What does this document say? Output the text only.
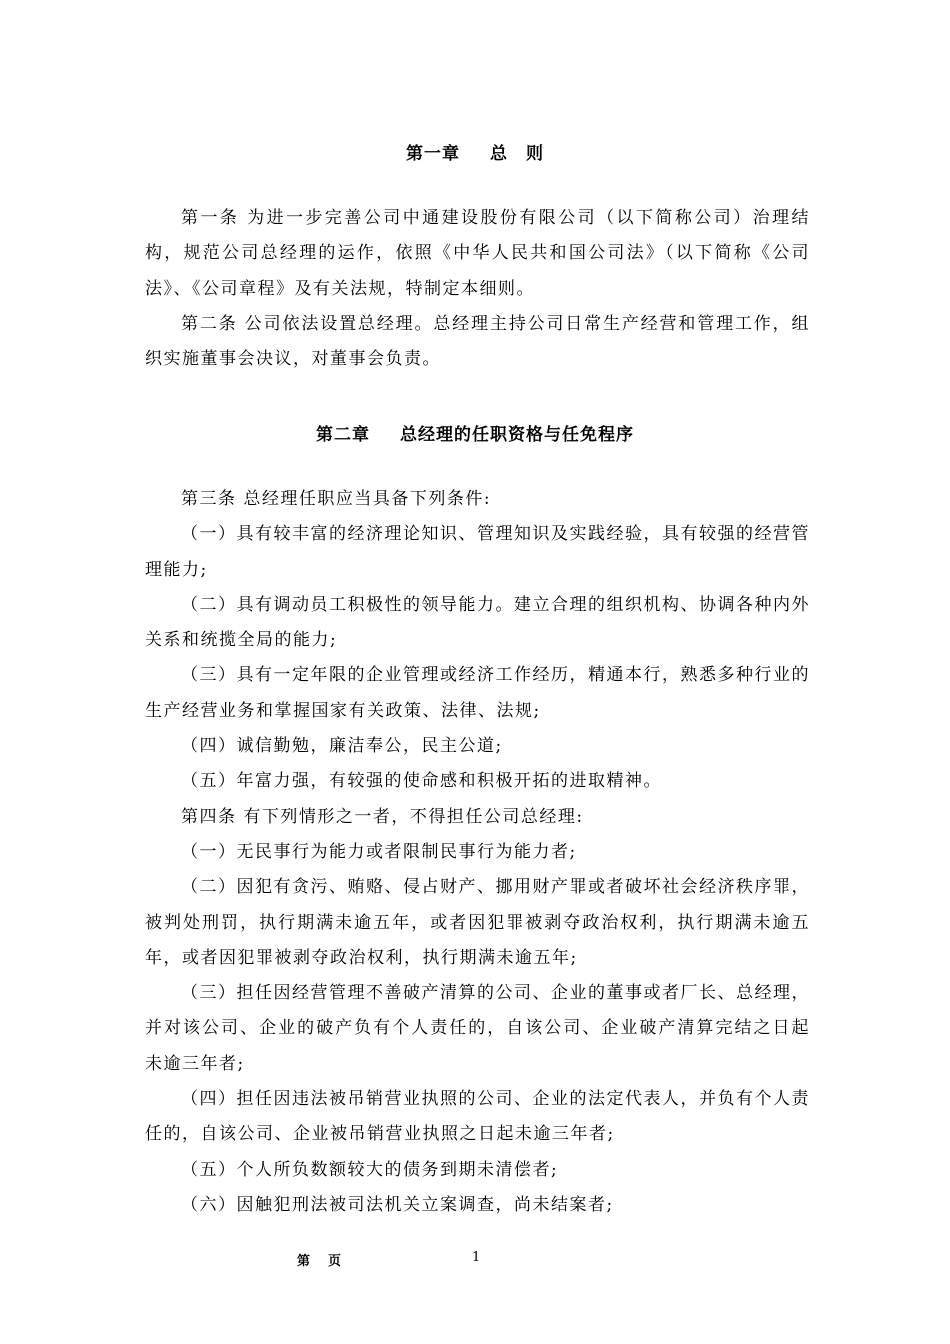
第一章 总 则

第一条 为进一步完善公司中通建设股份有限公司（以下简称公司）治理结构，规范公司总经理的运作，依照《中华人民共和国公司法》（以下简称《公司法》、《公司章程》及有关法规，特制定本细则。

第二条 公司依法设置总经理。总经理主持公司日常生产经营和管理工作，组织实施董事会决议，对董事会负责。

第二章 总经理的任职资格与任免程序

第三条 总经理任职应当具备下列条件:

（一）具有较丰富的经济理论知识、管理知识及实践经验，具有较强的经营管理能力;

（二）具有调动员工积极性的领导能力。建立合理的组织机构、协调各种内外关系和统揽全局的能力;

（三）具有一定年限的企业管理或经济工作经历，精通本行，熟悉多种行业的生产经营业务和掌握国家有关政策、法律、法规;

（四）诚信勤勉，廉洁奉公，民主公道;

（五）年富力强，有较强的使命感和积极开拓的进取精神。

第四条 有下列情形之一者，不得担任公司总经理:

（一）无民事行为能力或者限制民事行为能力者;

（二）因犯有贪污、贿赂、侵占财产、挪用财产罪或者破坏社会经济秩序罪，被判处刑罚，执行期满未逾五年，或者因犯罪被剥夺政治权利，执行期满未逾五年，或者因犯罪被剥夺政治权利，执行期满未逾五年;

（三）担任因经营管理不善破产清算的公司、企业的董事或者厂长、总经理，并对该公司、企业的破产负有个人责任的，自该公司、企业破产清算完结之日起未逾三年者;

（四）担任因违法被吊销营业执照的公司、企业的法定代表人，并负有个人责任的，自该公司、企业被吊销营业执照之日起未逾三年者;

（五）个人所负数额较大的债务到期未清偿者;

（六）因触犯刑法被司法机关立案调查，尚未结案者;

第 页	1
